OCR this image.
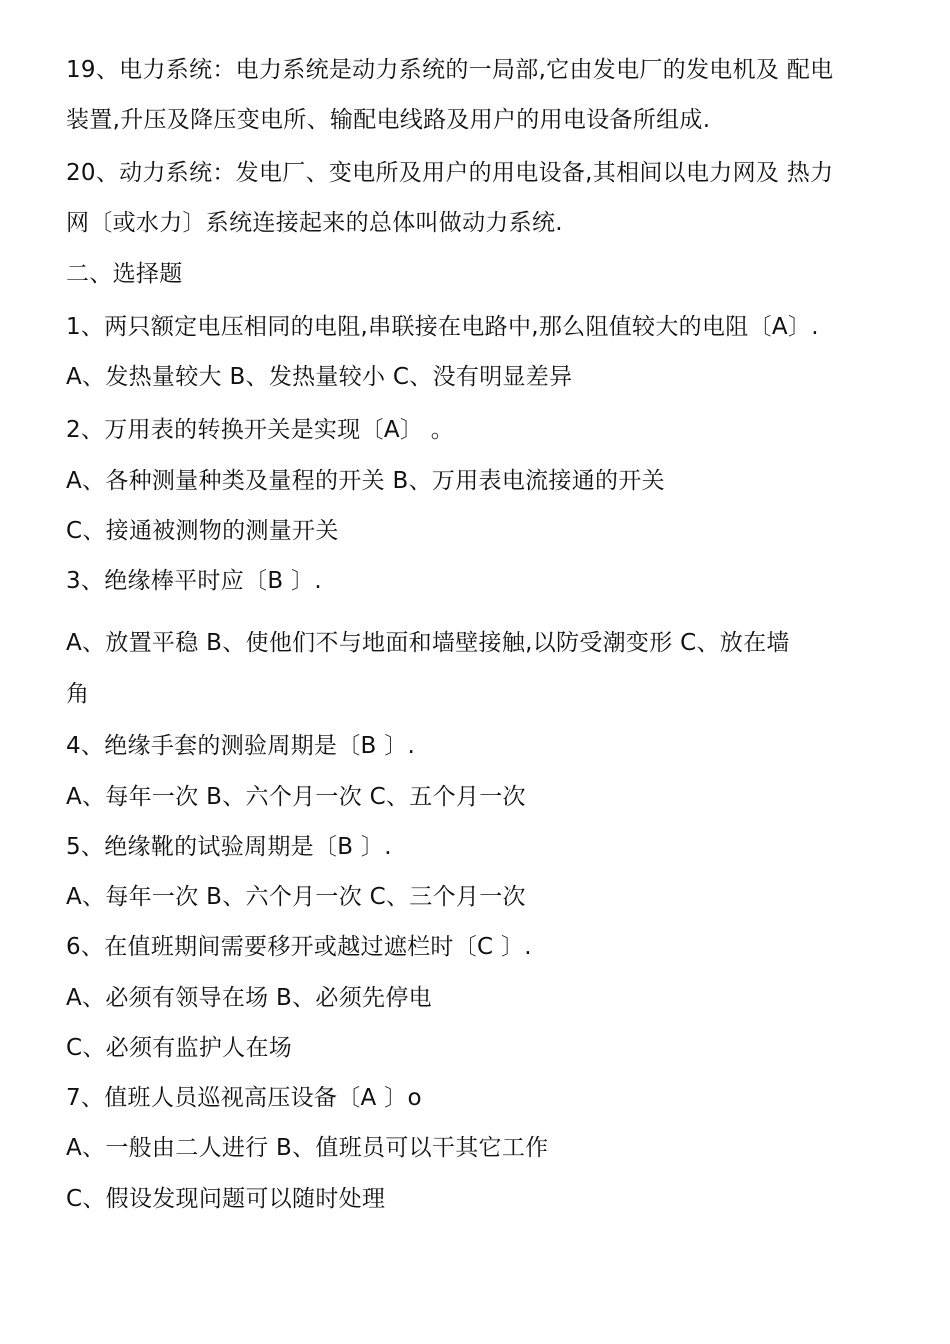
19、电力系统：电力系统是动力系统的一局部,它由发电厂的发电机及 配电
装置,升压及降压变电所、输配电线路及用户的用电设备所组成.
20、动力系统：发电厂、变电所及用户的用电设备,其相间以电力网及 热力
网〔或水力〕系统连接起来的总体叫做动力系统.
二、选择题
1、两只额定电压相同的电阻,串联接在电路中,那么阻值较大的电阻〔A〕.
A、发热量较大 B、发热量较小 C、没有明显差异
2、万用表的转换开关是实现〔A〕 。
A、各种测量种类及量程的开关 B、万用表电流接通的开关
C、接通被测物的测量开关
3、绝缘棒平时应〔B 〕.
A、放置平稳 B、使他们不与地面和墙壁接触,以防受潮变形 C、放在墙
角
4、绝缘手套的测验周期是〔B 〕.
A、每年一次 B、六个月一次 C、五个月一次
5、绝缘靴的试验周期是〔B 〕.
A、每年一次 B、六个月一次 C、三个月一次
6、在值班期间需要移开或越过遮栏时〔C 〕.
A、必须有领导在场 B、必须先停电
C、必须有监护人在场
7、值班人员巡视高压设备〔A 〕o
A、一般由二人进行 B、值班员可以干其它工作
C、假设发现问题可以随时处理
